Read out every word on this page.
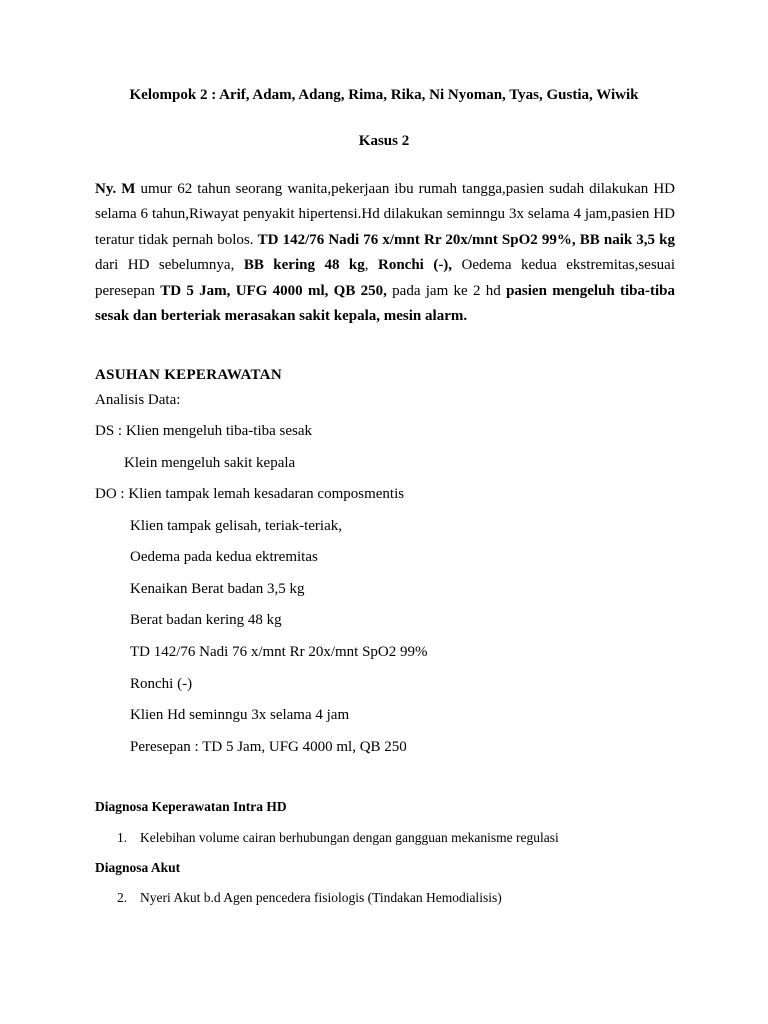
Kelompok 2 : Arif, Adam, Adang, Rima, Rika, Ni Nyoman, Tyas, Gustia, Wiwik
Kasus 2

Ny. M umur 62 tahun seorang wanita,pekerjaan ibu rumah tangga,pasien sudah dilakukan HD selama 6 tahun,Riwayat penyakit hipertensi.Hd dilakukan seminngu 3x selama 4 jam,pasien HD teratur tidak pernah bolos. TD 142/76 Nadi 76 x/mnt Rr 20x/mnt SpO2 99%, BB naik 3,5 kg dari HD sebelumnya, BB kering 48 kg, Ronchi (-), Oedema kedua ekstremitas,sesuai peresepan TD 5 Jam, UFG 4000 ml, QB 250, pada jam ke 2 hd pasien mengeluh tiba-tiba sesak dan berteriak merasakan sakit kepala, mesin alarm.

ASUHAN KEPERAWATAN
Analisis Data:
DS : Klien mengeluh tiba-tiba sesak
Klein mengeluh sakit kepala
DO : Klien tampak lemah kesadaran composmentis
Klien tampak gelisah, teriak-teriak,
Oedema pada kedua ektremitas
Kenaikan Berat badan 3,5 kg
Berat badan kering 48 kg
TD 142/76 Nadi 76 x/mnt Rr 20x/mnt SpO2 99%
Ronchi (-)
Klien Hd seminngu 3x selama 4 jam
Peresepan : TD 5 Jam, UFG 4000 ml, QB 250
Diagnosa Keperawatan Intra HD
1. Kelebihan volume cairan berhubungan dengan gangguan mekanisme regulasi
Diagnosa Akut
2. Nyeri Akut b.d Agen pencedera fisiologis (Tindakan Hemodialisis)
